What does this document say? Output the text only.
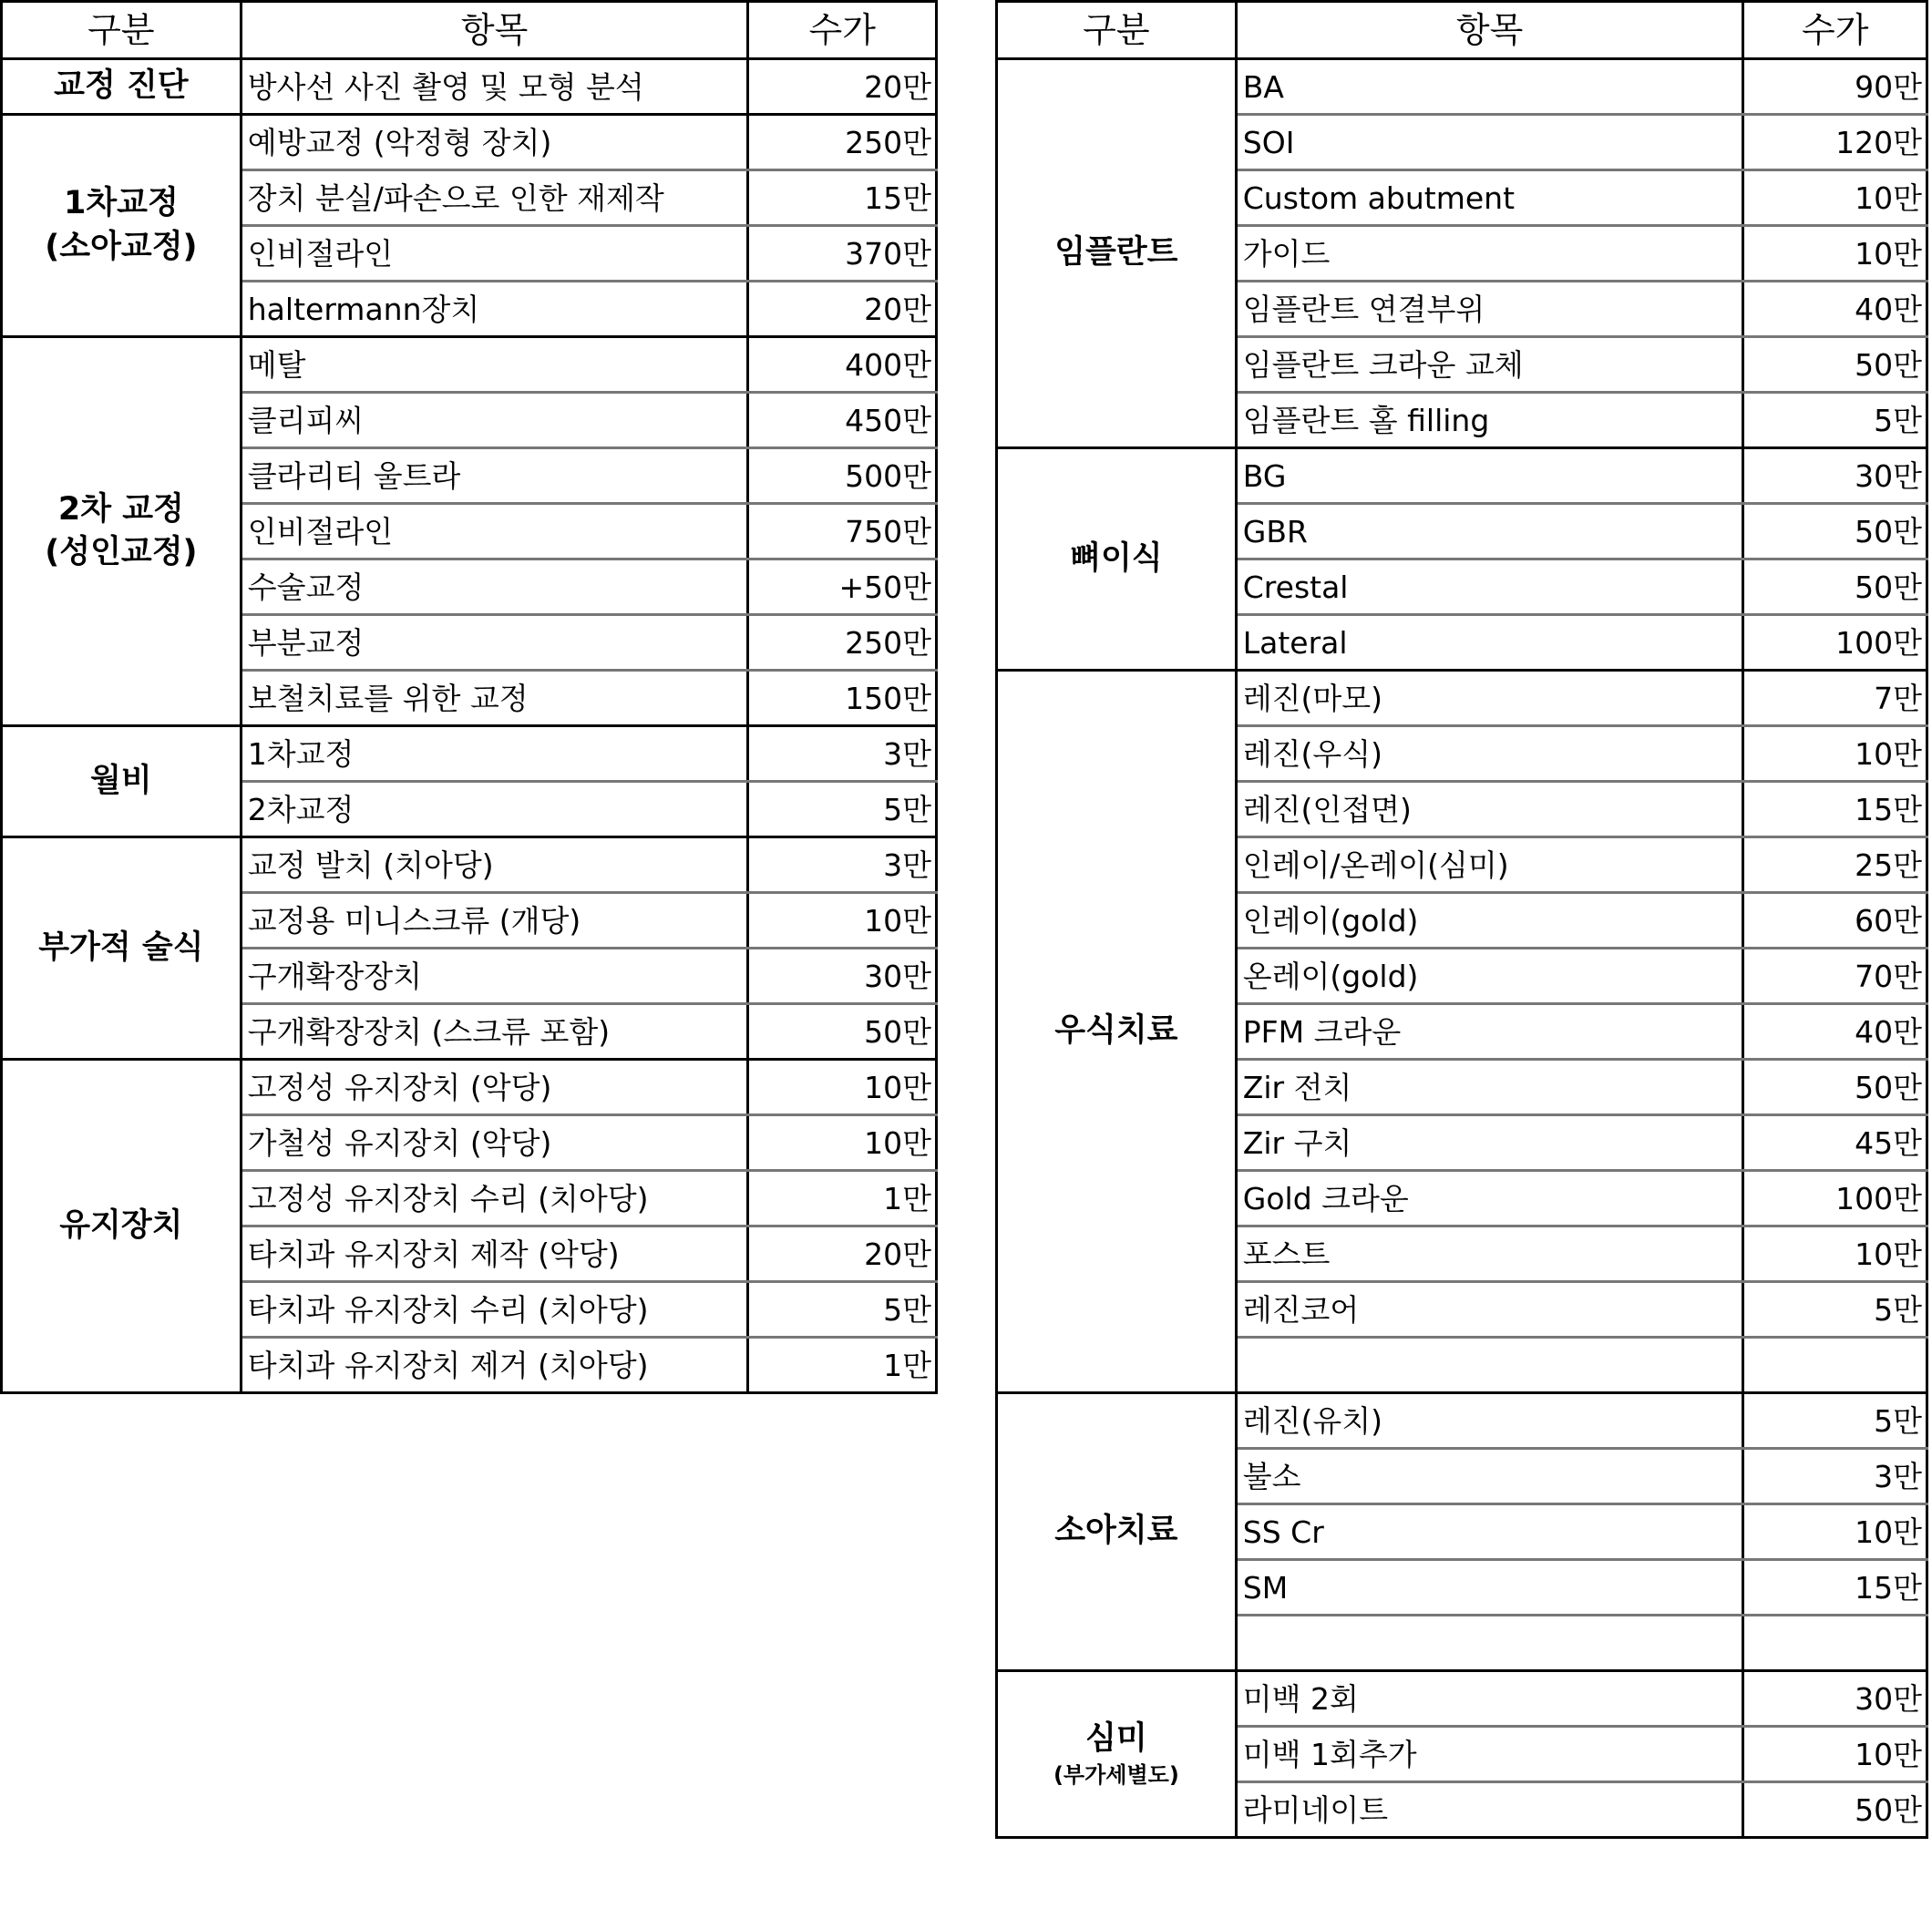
구분	항목	수가

교정 진단	방사선 사진 촬영 및 모형 분석	20만

1차교정
(소아교정)	예방교정 (악정형 장치)	250만
	장치 분실/파손으로 인한 재제작	15만
	인비절라인	370만
	haltermann장치	20만

2차 교정
(성인교정)	메탈	400만
	클리피씨	450만
	클라리티 울트라	500만
	인비절라인	750만
	수술교정	+50만
	부분교정	250만
	보철치료를 위한 교정	150만

월비	1차교정	3만
	2차교정	5만

부가적 술식	교정 발치 (치아당)	3만
	교정용 미니스크류 (개당)	10만
	구개확장장치	30만
	구개확장장치 (스크류 포함)	50만

유지장치	고정성 유지장치 (악당)	10만
	가철성 유지장치 (악당)	10만
	고정성 유지장치 수리 (치아당)	1만
	타치과 유지장치 제작 (악당)	20만
	타치과 유지장치 수리 (치아당)	5만
	타치과 유지장치 제거 (치아당)	1만
구분	항목	수가

임플란트	BA	90만
	SOI	120만
	Custom abutment	10만
	가이드	10만
	임플란트 연결부위	40만
	임플란트 크라운 교체	50만
	임플란트 홀 filling	5만

뼈이식	BG	30만
	GBR	50만
	Crestal	50만
	Lateral	100만

우식치료	레진(마모)	7만
	레진(우식)	10만
	레진(인접면)	15만
	인레이/온레이(심미)	25만
	인레이(gold)	60만
	온레이(gold)	70만
	PFM 크라운	40만
	Zir 전치	50만
	Zir 구치	45만
	Gold 크라운	100만
	포스트	10만
	레진코어	5만

소아치료	레진(유치)	5만
	불소	3만
	SS Cr	10만
	SM	15만

심미
(부가세별도)	미백 2회	30만
	미백 1회추가	10만
	라미네이트	50만
